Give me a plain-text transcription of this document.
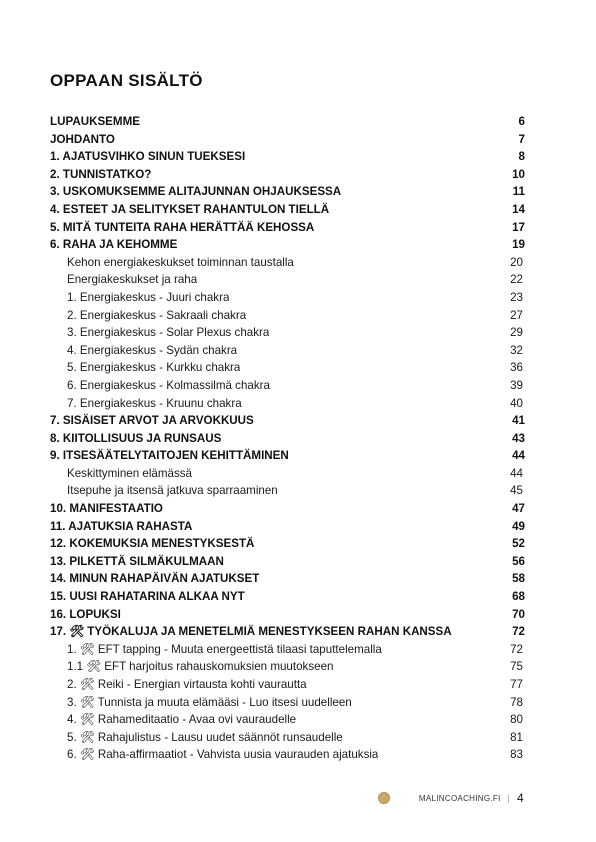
OPPAAN SISÄLTÖ
LUPAUKSEMME	6
JOHDANTO	7
1. AJATUSVIHKO SINUN TUEKSESI	8
2. TUNNISTATKO?	10
3. USKOMUKSEMME ALITAJUNNAN OHJAUKSESSA	11
4. ESTEET JA SELITYKSET RAHANTULON TIELLÄ	14
5. MITÄ TUNTEITA RAHA HERÄTTÄÄ KEHOSSA	17
6. RAHA JA KEHOMME	19
Kehon energiakeskukset toiminnan taustalla	20
Energiakeskukset ja raha	22
1. Energiakeskus - Juuri chakra	23
2. Energiakeskus - Sakraali chakra	27
3. Energiakeskus - Solar Plexus chakra	29
4. Energiakeskus - Sydän chakra	32
5. Energiakeskus - Kurkku chakra	36
6. Energiakeskus - Kolmassilmä chakra	39
7. Energiakeskus - Kruunu chakra	40
7. SISÄISET ARVOT JA ARVOKKUUS	41
8. KIITOLLISUUS JA RUNSAUS	43
9. ITSESÄÄTELYTAITOJEN KEHITTÄMINEN	44
Keskittyminen elämässä	44
Itsepuhe ja itsensä jatkuva sparraaminen	45
10. MANIFESTAATIO	47
11. AJATUKSIA RAHASTA	49
12. KOKEMUKSIA MENESTYKSESTÄ	52
13. PILKETTÄ SILMÄKULMAAN	56
14. MINUN RAHAPÄIVÄN AJATUKSET	58
15. UUSI RAHATARINA ALKAA NYT	68
16. LOPUKSI	70
17. 🛠 TYÖKALUJA JA MENETELMIÄ MENESTYKSEEN RAHAN KANSSA	72
1. 🛠 EFT tapping - Muuta energeettistä tilaasi taputtelemalla	72
1.1 🛠 EFT harjoitus rahauskomuksien muutokseen	75
2. 🛠 Reiki - Energian virtausta kohti vaurautta	77
3. 🛠 Tunnista ja muuta elämääsi - Luo itsesi uudelleen	78
4. 🛠 Rahameditaatio - Avaa ovi vauraudelle	80
5. 🛠 Rahajulistus - Lausu uudet säännöt runsaudelle	81
6. 🛠 Raha-affirmaatiot - Vahvista uusia vaurauden ajatuksia	83
MALINCOACHING.FI | 4
